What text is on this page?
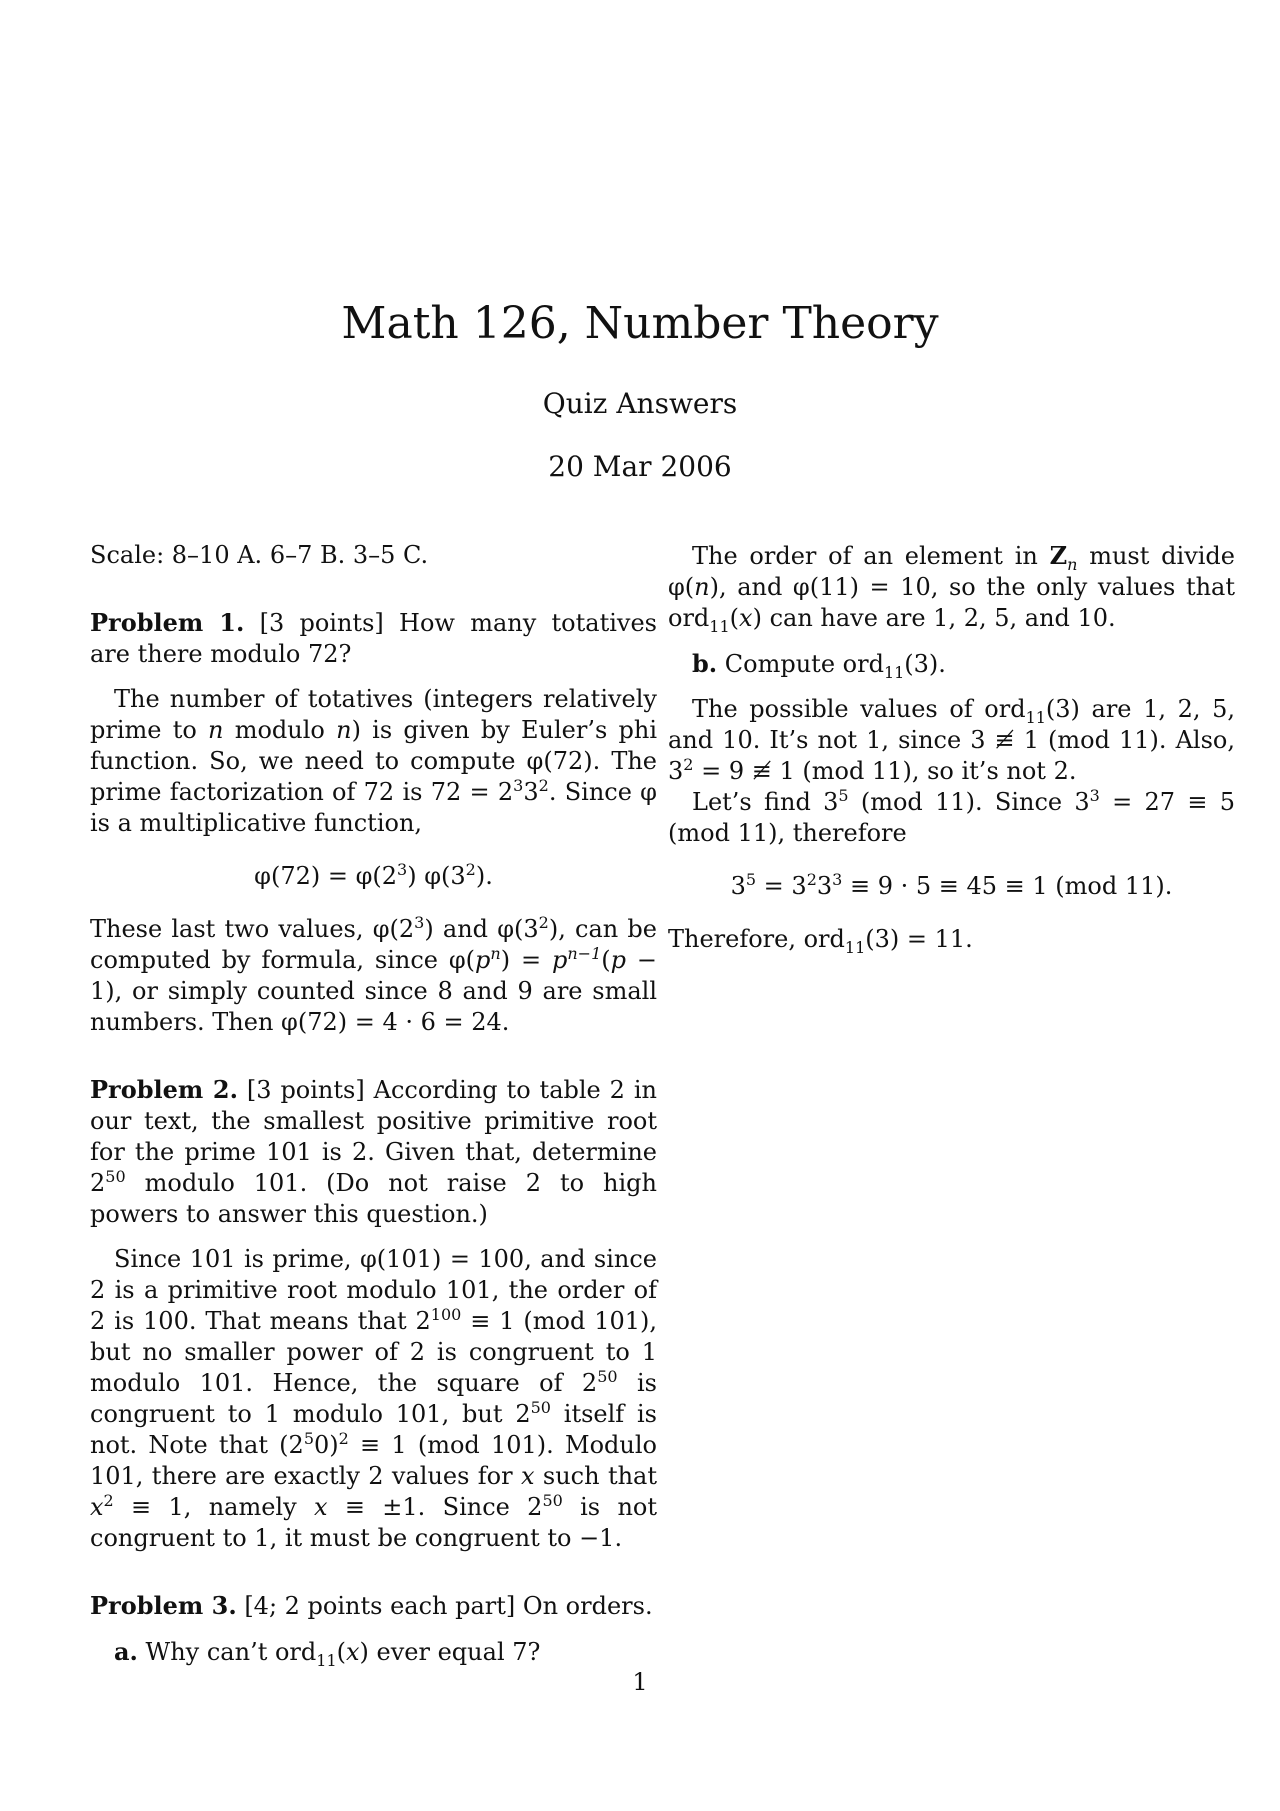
Math 126, Number Theory
Quiz Answers
20 Mar 2006

Scale: 8–10 A. 6–7 B. 3–5 C.

Problem 1. [3 points] How many totatives are there modulo 72?

The number of totatives (integers relatively prime to n modulo n) is given by Euler’s phi function. So, we need to compute φ(72). The prime factorization of 72 is $72 = 2^33^2$. Since φ is a multiplicative function,

$\varphi(72) = \varphi(2^3)$ $\varphi(3^2)$.

These last two values, $\varphi(2^3)$ and $\varphi(3^2)$, can be computed by formula, since $\varphi(p^n) = p^{n-1}(p - 1)$, or simply counted since 8 and 9 are small numbers. Then φ(72) = 4 · 6 = 24.

Problem 2. [3 points] According to table 2 in our text, the smallest positive primitive root for the prime 101 is 2. Given that, determine $2^{50}$ modulo 101. (Do not raise 2 to high powers to answer this question.)

Since 101 is prime, φ(101) = 100, and since 2 is a primitive root modulo 101, the order of 2 is 100. That means that $2^{100} \equiv 1$ (mod 101), but no smaller power of 2 is congruent to 1 modulo 101. Hence, the square of $2^{50}$ is congruent to 1 modulo 101, but $2^{50}$ itself is not. Note that $(2^50)^2 \equiv 1$ (mod 101). Modulo 101, there are exactly 2 values for x such that $x^2 \equiv 1$, namely x ≡ ±1. Since $2^{50}$ is not congruent to 1, it must be congruent to −1.

Problem 3. [4; 2 points each part] On orders.

a. Why can’t ord$_{11}$(x) ever equal 7?

The order of an element in $Z_n$ must divide φ(n), and φ(11) = 10, so the only values that ord$_{11}$(x) can have are 1, 2, 5, and 10.

b. Compute ord$_{11}$(3).

The possible values of ord$_{11}$(3) are 1, 2, 5, and 10. It’s not 1, since 3 ≢ 1 (mod 11). Also, $3^2 = 9$ ≢ 1 (mod 11), so it’s not 2.

Let’s find $3^5$ (mod 11). Since $3^3 = 27 \equiv 5$ (mod 11), therefore

$3^5 = 3^23^3 \equiv 9 \cdot 5 \equiv 45 \equiv 1$ (mod 11).

Therefore, ord$_{11}$(3) = 11.

1
